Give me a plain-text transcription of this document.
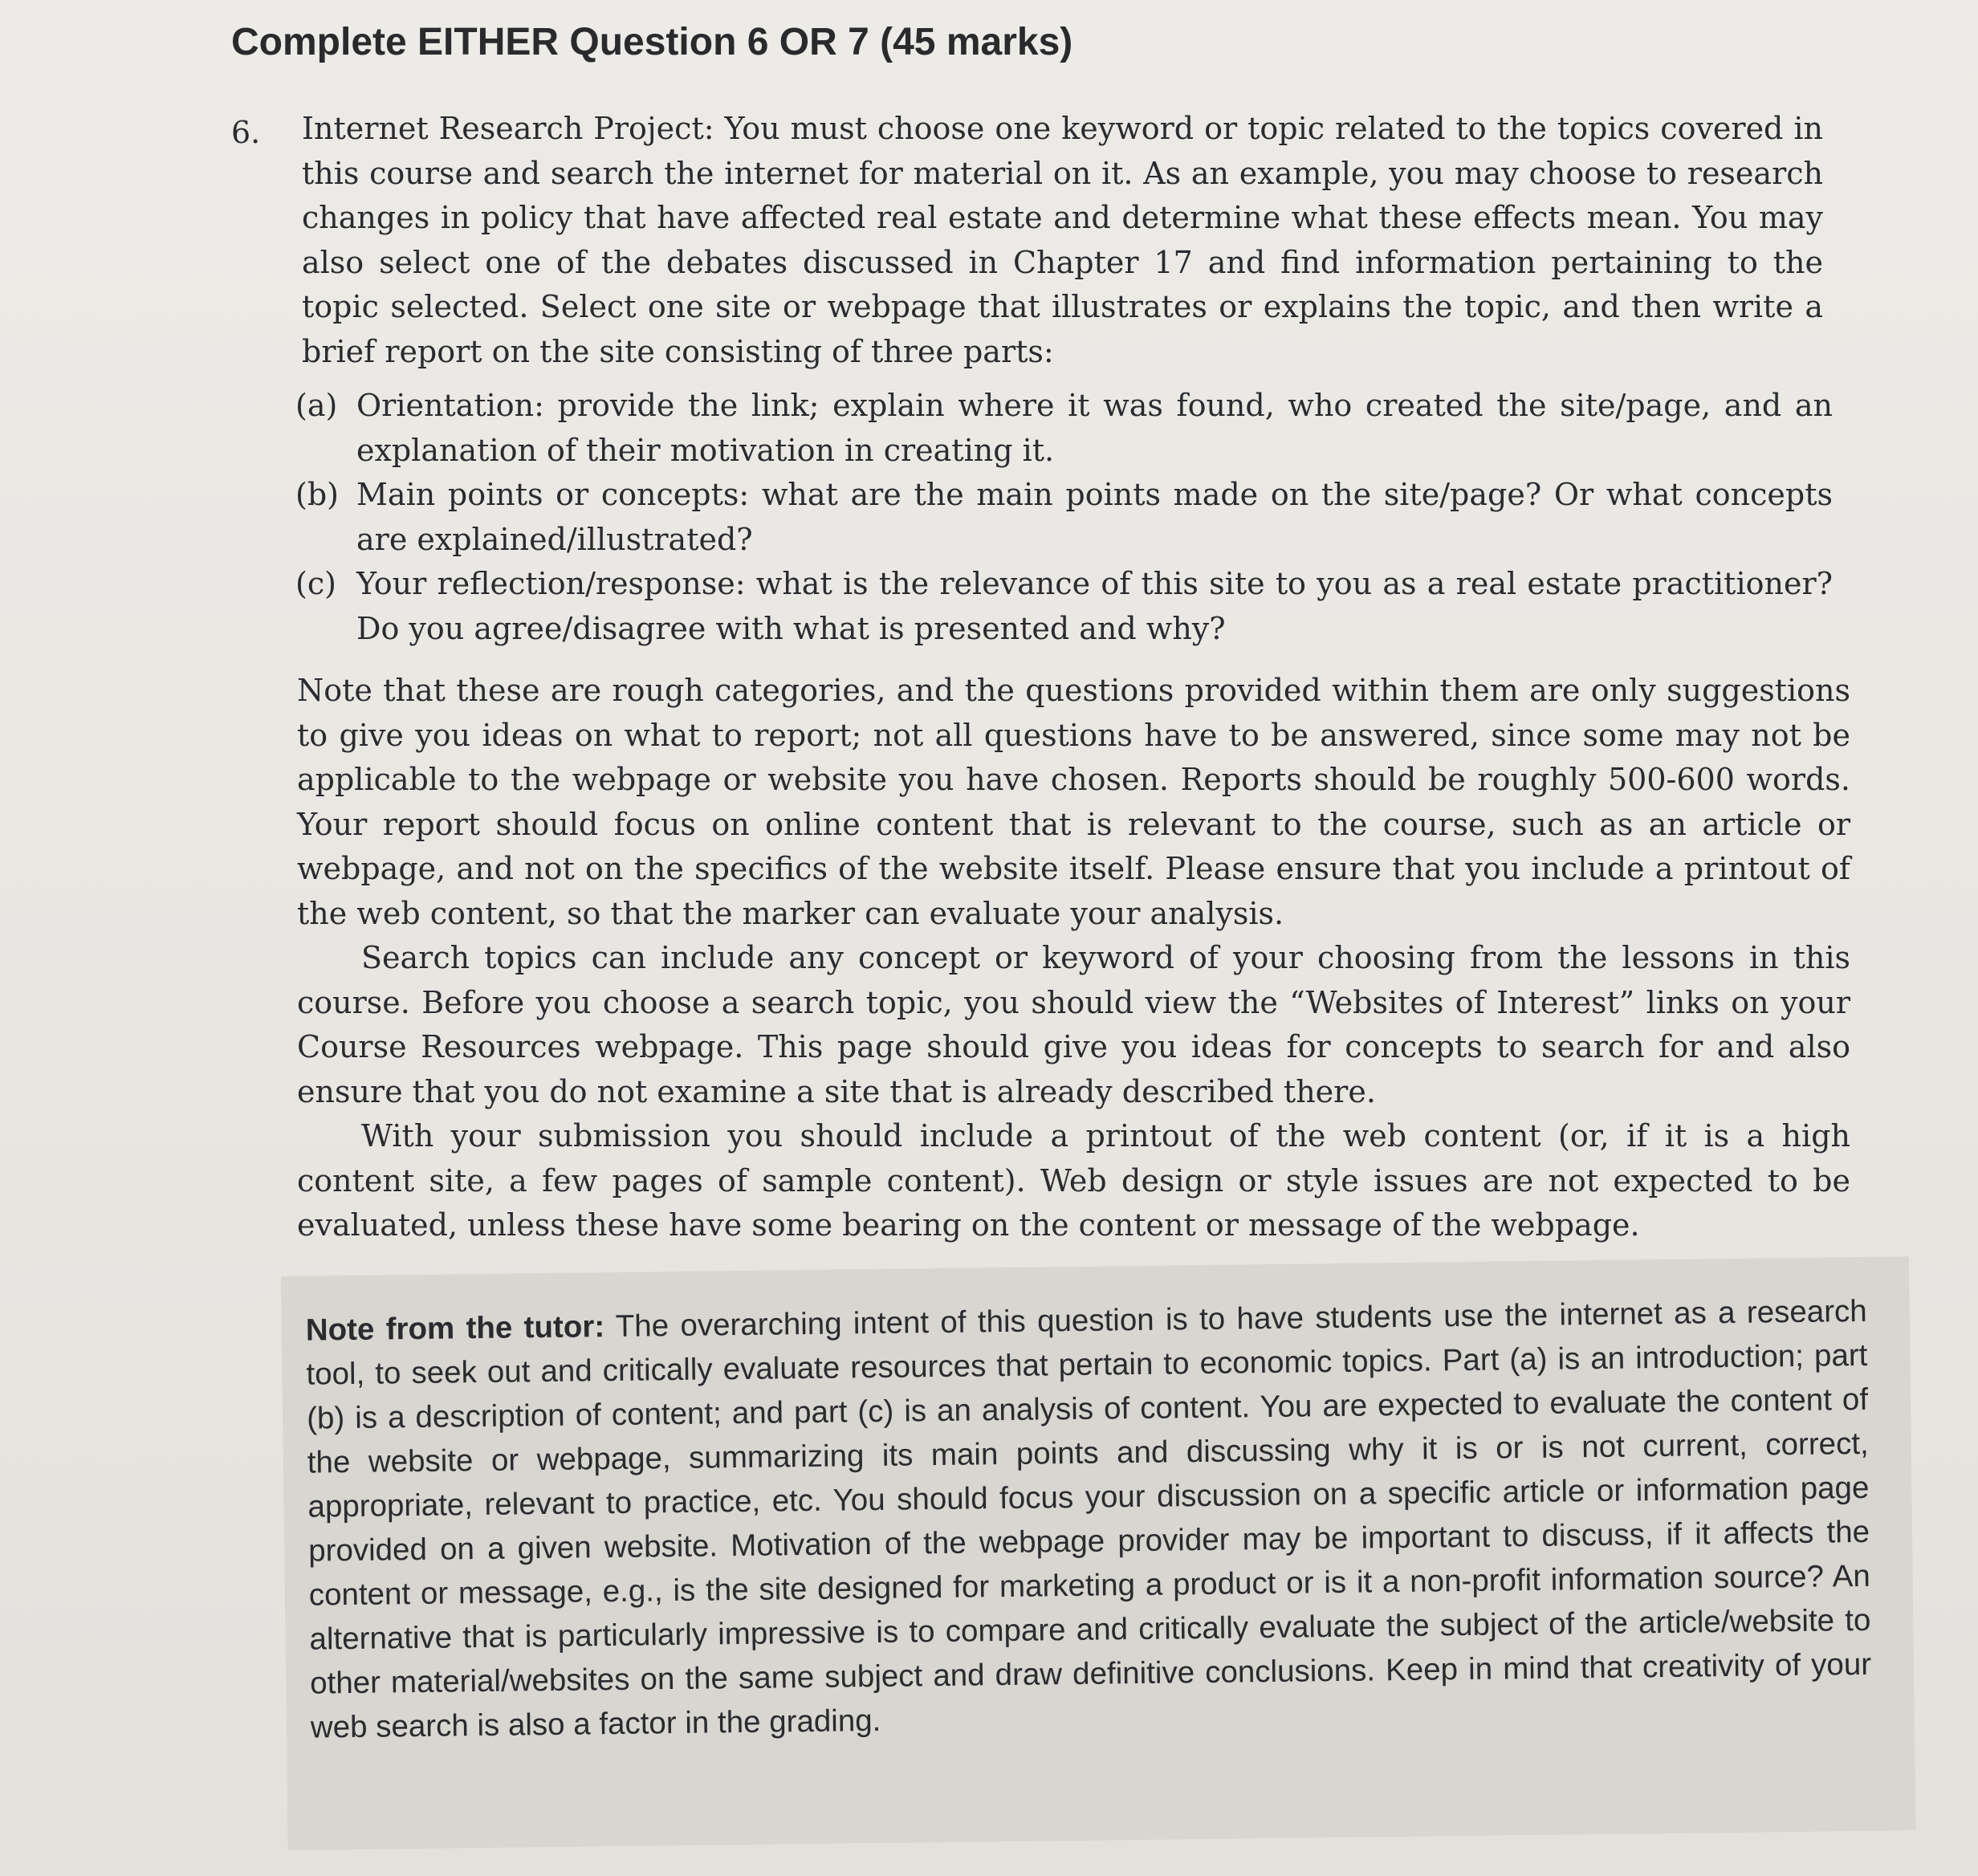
Complete EITHER Question 6 OR 7 (45 marks)

6. Internet Research Project: You must choose one keyword or topic related to the topics covered in this course and search the internet for material on it. As an example, you may choose to research changes in policy that have affected real estate and determine what these effects mean. You may also select one of the debates discussed in Chapter 17 and find information pertaining to the topic selected. Select one site or webpage that illustrates or explains the topic, and then write a brief report on the site consisting of three parts:

(a) Orientation: provide the link; explain where it was found, who created the site/page, and an explanation of their motivation in creating it.
(b) Main points or concepts: what are the main points made on the site/page? Or what concepts are explained/illustrated?
(c) Your reflection/response: what is the relevance of this site to you as a real estate practitioner? Do you agree/disagree with what is presented and why?

Note that these are rough categories, and the questions provided within them are only suggestions to give you ideas on what to report; not all questions have to be answered, since some may not be applicable to the webpage or website you have chosen. Reports should be roughly 500-600 words. Your report should focus on online content that is relevant to the course, such as an article or webpage, and not on the specifics of the website itself. Please ensure that you include a printout of the web content, so that the marker can evaluate your analysis.

Search topics can include any concept or keyword of your choosing from the lessons in this course. Before you choose a search topic, you should view the “Websites of Interest” links on your Course Resources webpage. This page should give you ideas for concepts to search for and also ensure that you do not examine a site that is already described there.

With your submission you should include a printout of the web content (or, if it is a high content site, a few pages of sample content). Web design or style issues are not expected to be evaluated, unless these have some bearing on the content or message of the webpage.

Note from the tutor: The overarching intent of this question is to have students use the internet as a research tool, to seek out and critically evaluate resources that pertain to economic topics. Part (a) is an introduction; part (b) is a description of content; and part (c) is an analysis of content. You are expected to evaluate the content of the website or webpage, summarizing its main points and discussing why it is or is not current, correct, appropriate, relevant to practice, etc. You should focus your discussion on a specific article or information page provided on a given website. Motivation of the webpage provider may be important to discuss, if it affects the content or message, e.g., is the site designed for marketing a product or is it a non-profit information source? An alternative that is particularly impressive is to compare and critically evaluate the subject of the article/website to other material/websites on the same subject and draw definitive conclusions. Keep in mind that creativity of your web search is also a factor in the grading.
